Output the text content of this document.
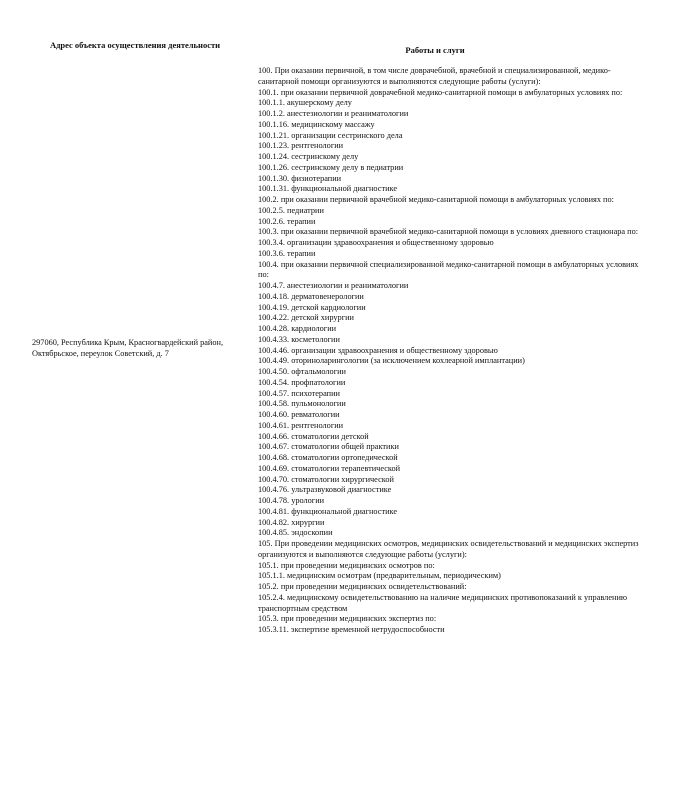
Адрес объекта осуществления деятельности	Работы и слуги
297060, Республика Крым, Красногвардейский район, Октябрьское, переулок Советский, д. 7
100. При оказании первичной, в том числе доврачебной, врачебной и специализированной, медико-
санитарной помощи организуются и выполняются следующие работы (услуги):
100.1. при оказании первичной доврачебной медико-санитарной помощи в амбулаторных условиях по:
100.1.1. акушерскому делу
100.1.2. анестезиологии и реаниматологии
100.1.16. медицинскому массажу
100.1.21. организации сестринского дела
100.1.23. рентгенологии
100.1.24. сестринскому делу
100.1.26. сестринскому делу в педиатрии
100.1.30. физиотерапии
100.1.31. функциональной диагностике
100.2. при оказании первичной врачебной медико-санитарной помощи в амбулаторных условиях по:
100.2.5. педиатрии
100.2.6. терапии
100.3. при оказании первичной врачебной медико-санитарной помощи в условиях дневного стационара по:
100.3.4. организации здравоохранения и общественному здоровью
100.3.6. терапии
100.4. при оказании первичной специализированной медико-санитарной помощи в амбулаторных условиях
по:
100.4.7. анестезиологии и реаниматологии
100.4.18. дерматовенерологии
100.4.19. детской кардиологии
100.4.22. детской хирургии
100.4.28. кардиологии
100.4.33. косметологии
100.4.46. организации здравоохранения и общественному здоровью
100.4.49. оториноларингологии (за исключением кохлеарной имплантации)
100.4.50. офтальмологии
100.4.54. профпатологии
100.4.57. психотерапии
100.4.58. пульмонологии
100.4.60. ревматологии
100.4.61. рентгенологии
100.4.66. стоматологии детской
100.4.67. стоматологии общей практики
100.4.68. стоматологии ортопедической
100.4.69. стоматологии терапевтической
100.4.70. стоматологии хирургической
100.4.76. ультразвуковой диагностике
100.4.78. урологии
100.4.81. функциональной диагностике
100.4.82. хирургии
100.4.85. эндоскопии
105. При проведении медицинских осмотров, медицинских освидетельствований и медицинских экспертиз
организуются и выполняются следующие работы (услуги):
105.1. при проведении медицинских осмотров по:
105.1.1. медицинским осмотрам (предварительным, периодическим)
105.2. при проведении медицинских освидетельствований:
105.2.4. медицинскому освидетельствованию на наличие медицинских противопоказаний к управлению
транспортным средством
105.3. при проведении медицинских экспертиз по:
105.3.11. экспертизе временной нетрудоспособности
